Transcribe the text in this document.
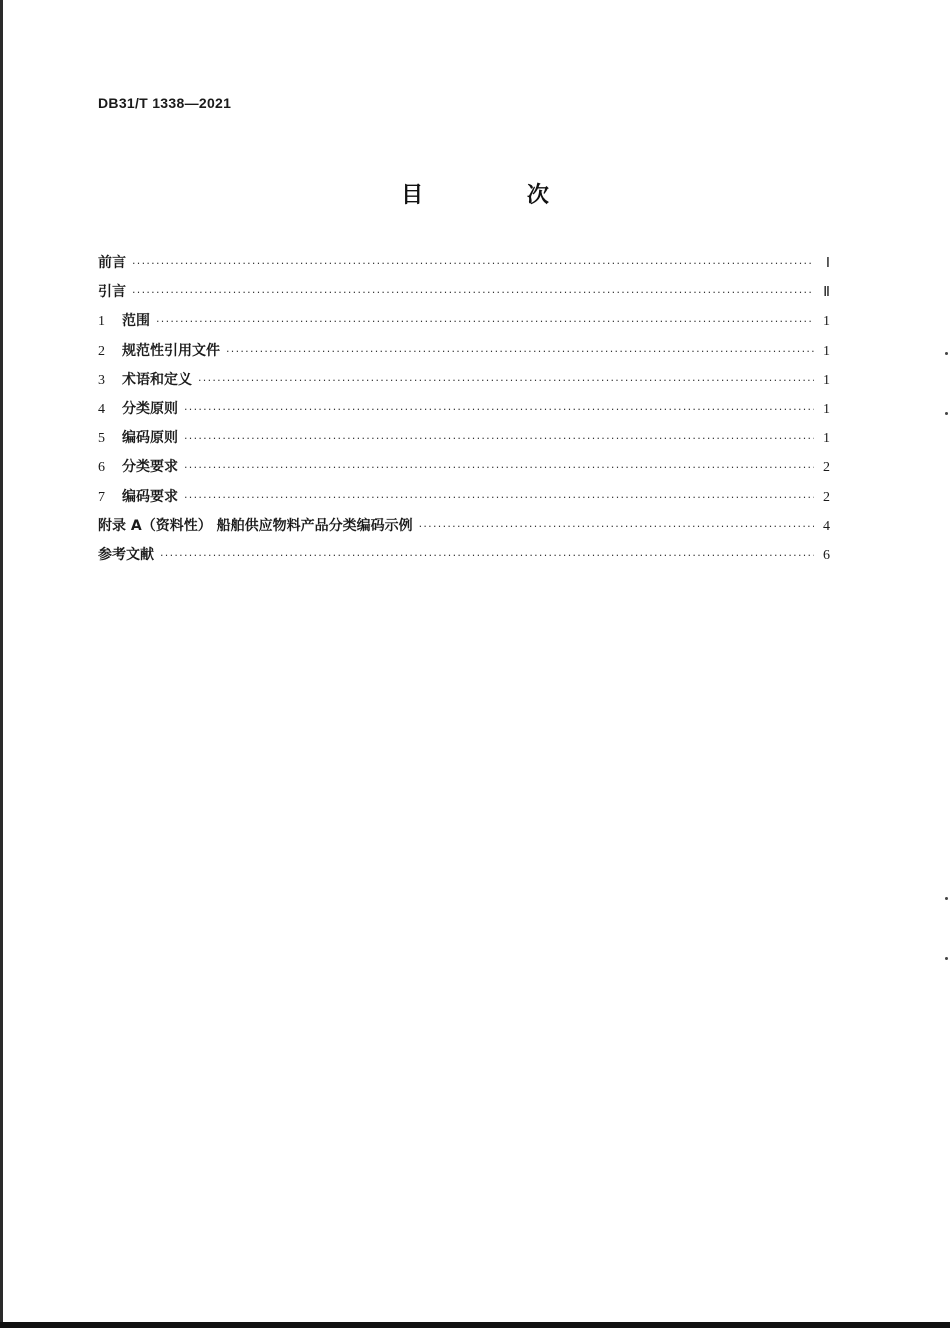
DB31/T 1338—2021
目 次
前言 ·····	Ⅰ
引言 ·····	Ⅱ
1	范围 ·····	1
2	规范性引用文件 ·····	1
3	术语和定义 ·····	1
4	分类原则 ·····	1
5	编码原则 ·····	1
6	分类要求 ·····	2
7	编码要求 ·····	2
附录 A（资料性） 船舶供应物料产品分类编码示例 ·····	4
参考文献 ·····	6
